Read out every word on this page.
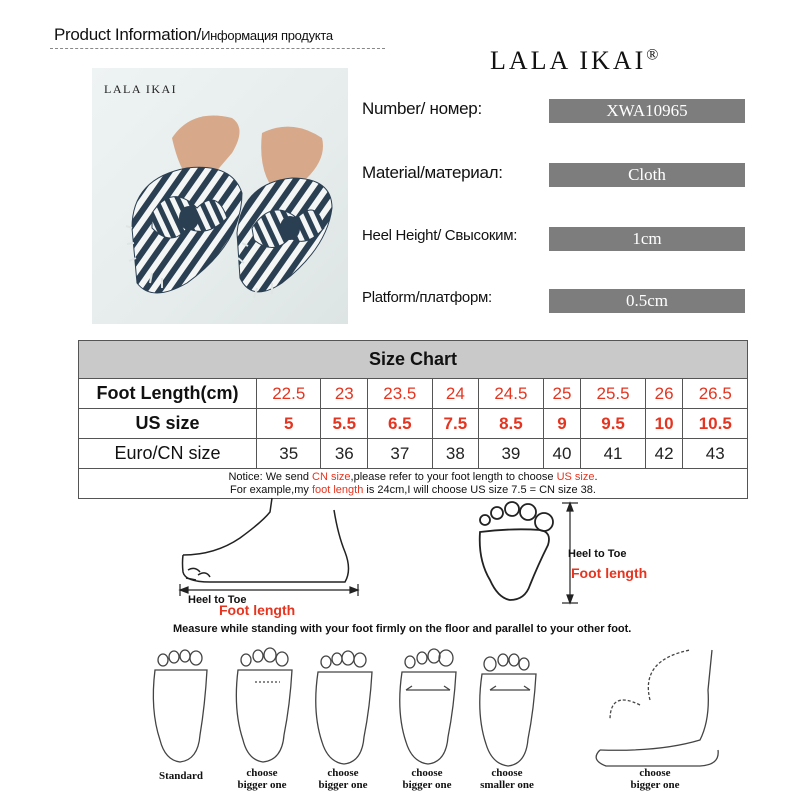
Product Information/Информация продукта
LALA IKAI
LALA IKAI®
Number/ номер:	XWA10965
Material/материал:	Cloth
Heel Height/ Свысоким:	1cm
Platform/платформ:	0.5cm
Size Chart									
Foot Length(cm)	22.5	23	23.5	24	24.5	25	25.5	26	26.5
US size	5	5.5	6.5	7.5	8.5	9	9.5	10	10.5
Euro/CN size	35	36	37	38	39	40	41	42	43
Notice: We send CN size,please refer to your foot length to choose US size.
For example,my foot length is 24cm,I will choose US size 7.5 = CN size 38.									
Heel to Toe
Foot length
Heel to Toe
Foot length
Measure while standing with your foot firmly on the floor and parallel to your other foot.
Standard	choose
bigger one
choose
bigger one
choose
bigger one
choose
smaller one
choose
bigger one
